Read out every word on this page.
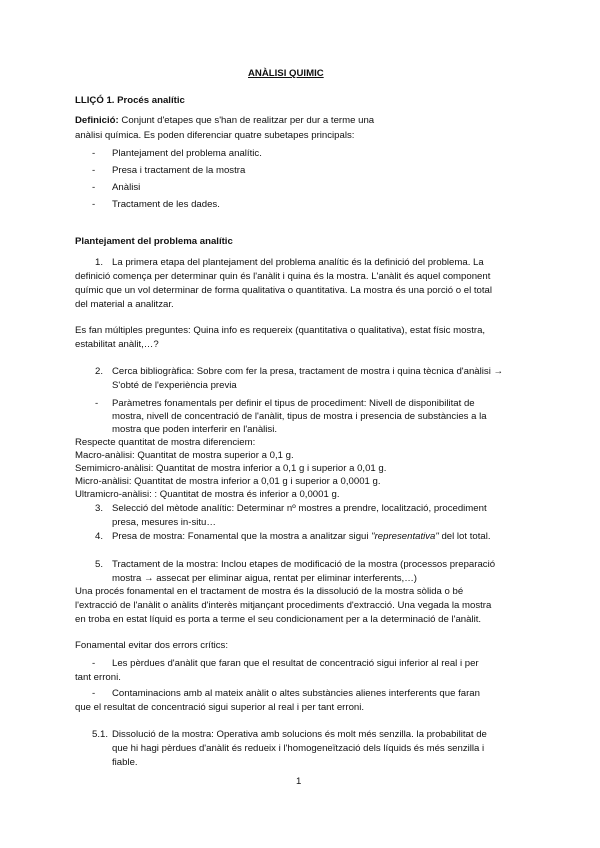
ANÀLISI QUIMIC
LLIÇÓ 1. Procés analític
Definició: Conjunt d'etapes que s'han de realitzar per dur a terme una
anàlisi química. Es poden diferenciar quatre subetapes principals:
- Plantejament del problema analític.
- Presa i tractament de la mostra
- Anàlisi
- Tractament de les dades.
Plantejament del problema analític
1. La primera etapa del plantejament del problema analític és la definició del problema. La
definició comença per determinar quin és l'anàlit i quina és la mostra. L'anàlit és aquel component
químic que un vol determinar de forma qualitativa o quantitativa. La mostra és una porció o el total
del material a analitzar.
Es fan múltiples preguntes: Quina info es requereix (quantitativa o qualitativa), estat físic mostra,
estabilitat anàlit,…?
2. Cerca bibliogràfica: Sobre com fer la presa, tractament de mostra i quina tècnica d'anàlisi →
S'obté de l'experiència previa
- Paràmetres fonamentals per definir el tipus de procediment: Nivell de disponibilitat de
mostra, nivell de concentració de l'anàlit, tipus de mostra i presencia de substàncies a la
mostra que poden interferir en l'anàlisi.
Respecte quantitat de mostra diferenciem:
Macro-anàlisi: Quantitat de mostra superior a 0,1 g.
Semimicro-anàlisi: Quantitat de mostra inferior a 0,1 g i superior a 0,01 g.
Micro-anàlisi: Quantitat de mostra inferior a 0,01 g i superior a 0,0001 g.
Ultramicro-anàlisi: : Quantitat de mostra és inferior a 0,0001 g.
3. Selecció del mètode analític: Determinar nº mostres a prendre, localització, procediment
presa, mesures in-situ…
4. Presa de mostra: Fonamental que la mostra a analitzar sigui "representativa" del lot total.
5. Tractament de la mostra: Inclou etapes de modificació de la mostra (processos preparació
mostra → assecat per eliminar aigua, rentat per eliminar interferents,…)
Una procés fonamental en el tractament de mostra és la dissolució de la mostra sòlida o bé
l'extracció de l'anàlit o anàlits d'interès mitjançant procediments d'extracció. Una vegada la mostra
en troba en estat líquid es porta a terme el seu condicionament per a la determinació de l'anàlit.
Fonamental evitar dos errors crítics:
- Les pèrdues d'anàlit que faran que el resultat de concentració sigui inferior al real i per
tant erroni.
- Contaminacions amb al mateix anàlit o altes substàncies alienes interferents que faran
que el resultat de concentració sigui superior al real i per tant erroni.
5.1. Dissolució de la mostra: Operativa amb solucions és molt més senzilla. la probabilitat de
que hi hagi pèrdues d'anàlit és redueix i l'homogeneïtzació dels líquids és més senzilla i
fiable.
1
